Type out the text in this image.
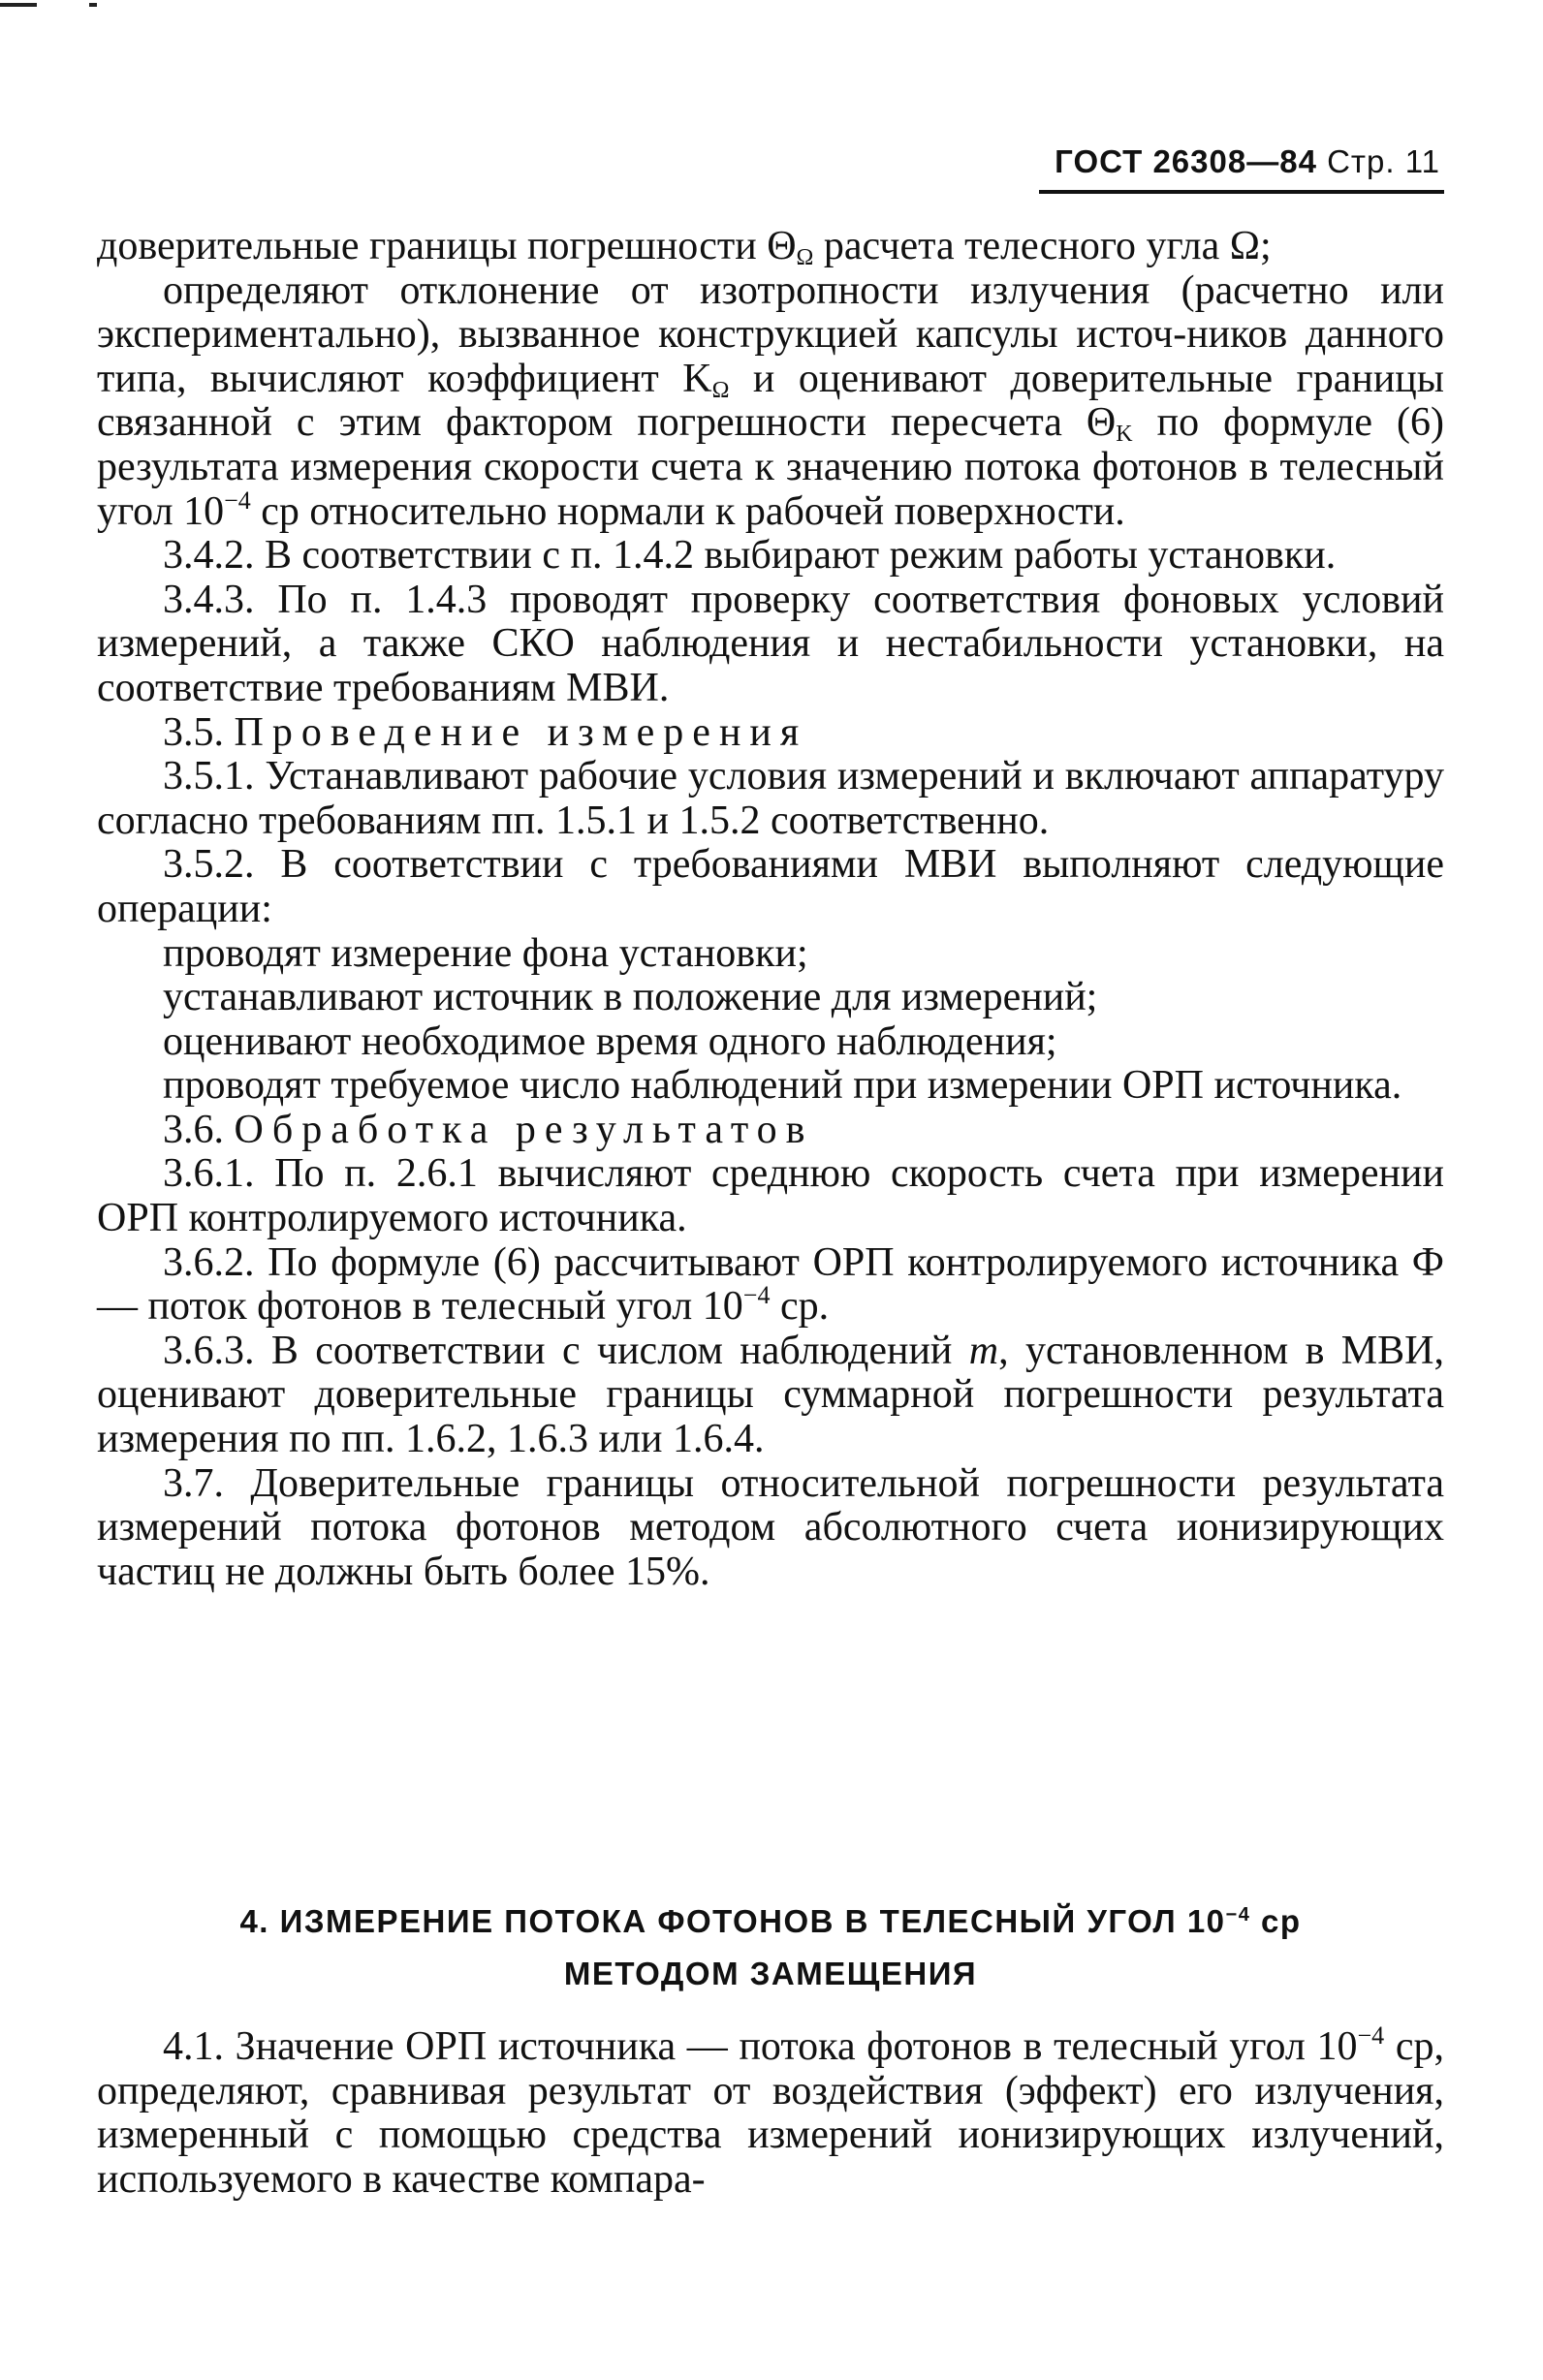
ГОСТ 26308—84 Стр. 11

доверительные границы погрешности $\Theta_\Omega$ расчета телесного угла Ω;

определяют отклонение от изотропности излучения (расчетно или экспериментально), вызванное конструкцией капсулы источ-ников данного типа, вычисляют коэффициент $K_\Omega$ и оценивают доверительные границы связанной с этим фактором погрешности пересчета $\Theta_K$ по формуле (6) результата измерения скорости счета к значению потока фотонов в телесный угол $10^{-4}$ ср относительно нормали к рабочей поверхности.

3.4.2. В соответствии с п. 1.4.2 выбирают режим работы установки.

3.4.3. По п. 1.4.3 проводят проверку соответствия фоновых условий измерений, а также СКО наблюдения и нестабильности установки, на соответствие требованиям МВИ.

3.5. Проведение измерения

3.5.1. Устанавливают рабочие условия измерений и включают аппаратуру согласно требованиям пп. 1.5.1 и 1.5.2 соответственно.

3.5.2. В соответствии с требованиями МВИ выполняют следующие операции:

проводят измерение фона установки;

устанавливают источник в положение для измерений;

оценивают необходимое время одного наблюдения;

проводят требуемое число наблюдений при измерении ОРП источника.

3.6. Обработка результатов

3.6.1. По п. 2.6.1 вычисляют среднюю скорость счета при измерении ОРП контролируемого источника.

3.6.2. По формуле (6) рассчитывают ОРП контролируемого источника Ф — поток фотонов в телесный угол $10^{-4}$ ср.

3.6.3. В соответствии с числом наблюдений m, установленном в МВИ, оценивают доверительные границы суммарной погрешности результата измерения по пп. 1.6.2, 1.6.3 или 1.6.4.

3.7. Доверительные границы относительной погрешности результата измерений потока фотонов методом абсолютного счета ионизирующих частиц не должны быть более 15%.

4. ИЗМЕРЕНИЕ ПОТОКА ФОТОНОВ В ТЕЛЕСНЫЙ УГОЛ $10^{-4}$ ср
МЕТОДОМ ЗАМЕЩЕНИЯ

4.1. Значение ОРП источника — потока фотонов в телесный угол $10^{-4}$ ср, определяют, сравнивая результат от воздействия (эффект) его излучения, измеренный с помощью средства измерений ионизирующих излучений, используемого в качестве компара-
